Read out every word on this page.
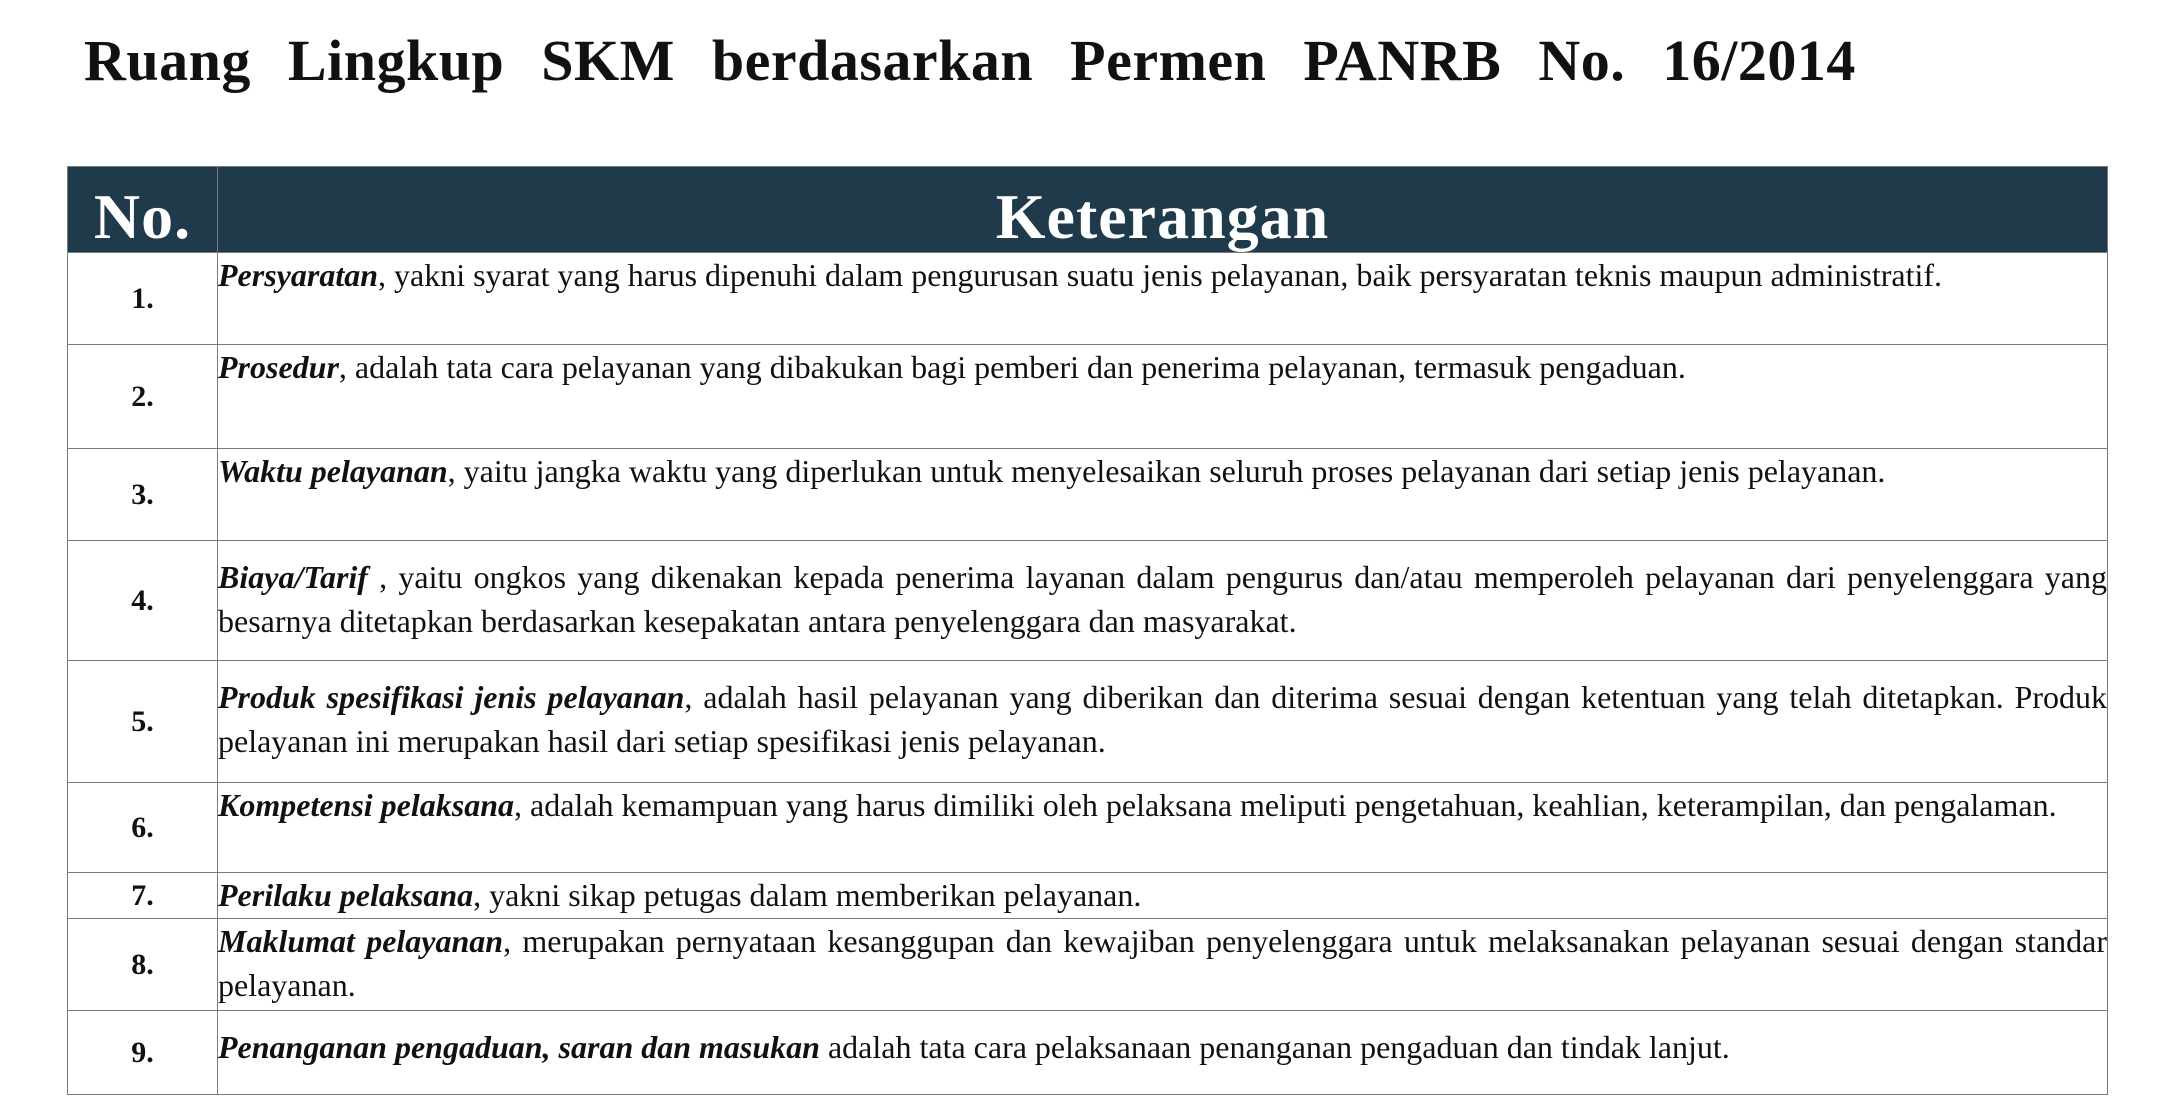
Ruang Lingkup SKM berdasarkan Permen PANRB No. 16/2014
No.	Keterangan
1.	Persyaratan, yakni syarat yang harus dipenuhi dalam pengurusan suatu jenis pelayanan, baik persyaratan teknis maupun administratif.
2.	Prosedur, adalah tata cara pelayanan yang dibakukan bagi pemberi dan penerima pelayanan, termasuk pengaduan.
3.	Waktu pelayanan, yaitu jangka waktu yang diperlukan untuk menyelesaikan seluruh proses pelayanan dari setiap jenis pelayanan.
4.	Biaya/Tarif , yaitu ongkos yang dikenakan kepada penerima layanan dalam pengurus dan/atau memperoleh pelayanan dari penyelenggara yang besarnya ditetapkan berdasarkan kesepakatan antara penyelenggara dan masyarakat.
5.	Produk spesifikasi jenis pelayanan, adalah hasil pelayanan yang diberikan dan diterima sesuai dengan ketentuan yang telah ditetapkan. Produk pelayanan ini merupakan hasil dari setiap spesifikasi jenis pelayanan.
6.	Kompetensi pelaksana, adalah kemampuan yang harus dimiliki oleh pelaksana meliputi pengetahuan, keahlian, keterampilan, dan pengalaman.
7.	Perilaku pelaksana, yakni sikap petugas dalam memberikan pelayanan.
8.	Maklumat pelayanan, merupakan pernyataan kesanggupan dan kewajiban penyelenggara untuk melaksanakan pelayanan sesuai dengan standar pelayanan.
9.	Penanganan pengaduan, saran dan masukan adalah tata cara pelaksanaan penanganan pengaduan dan tindak lanjut.
